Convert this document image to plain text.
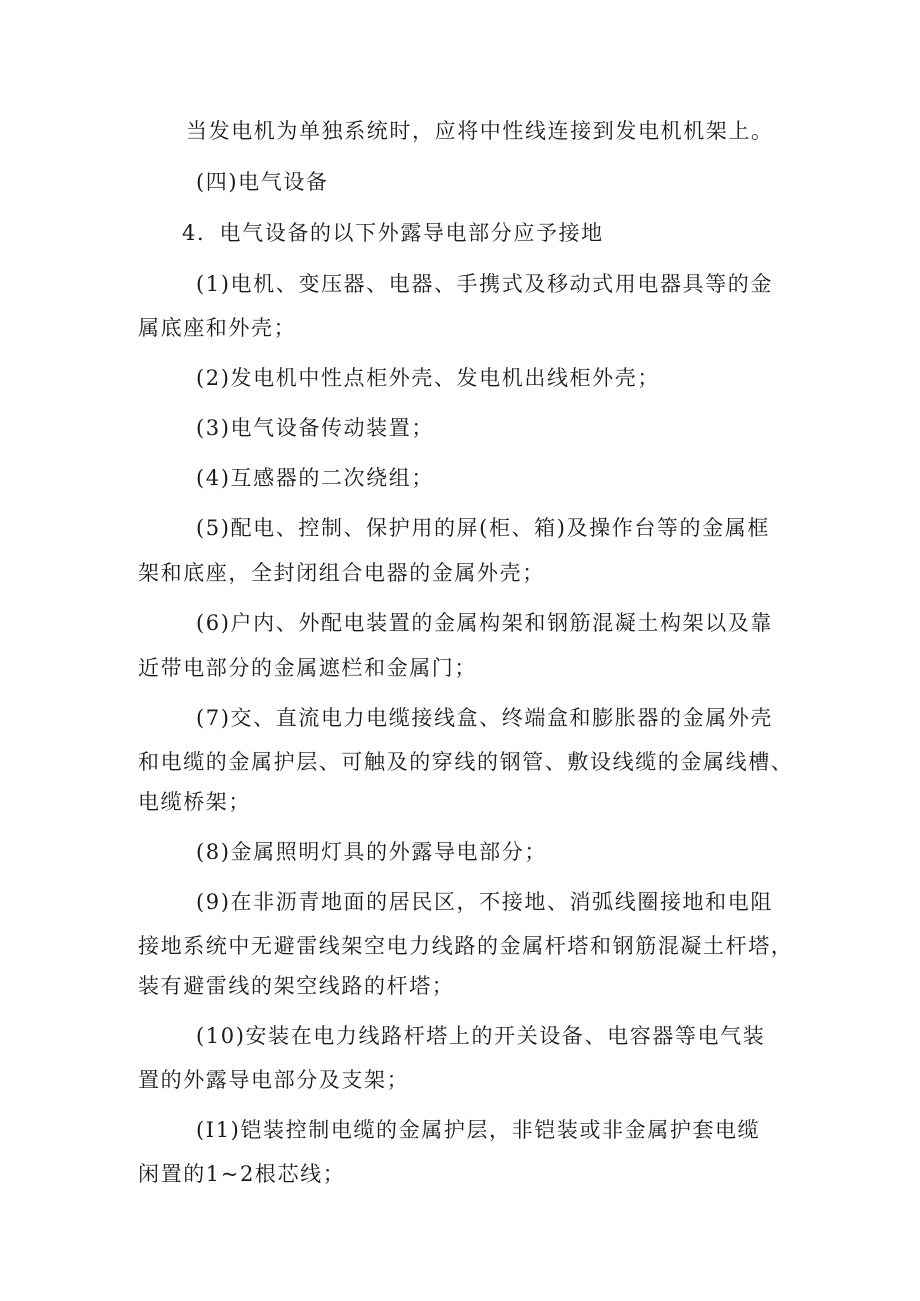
当发电机为单独系统时，应将中性线连接到发电机机架上。
(四)电气设备
4．电气设备的以下外露导电部分应予接地
(1)电机、变压器、电器、手携式及移动式用电器具等的金
属底座和外壳；
(2)发电机中性点柜外壳、发电机出线柜外壳；
(3)电气设备传动装置；
(4)互感器的二次绕组；
(5)配电、控制、保护用的屏(柜、箱)及操作台等的金属框
架和底座，全封闭组合电器的金属外壳；
(6)户内、外配电装置的金属构架和钢筋混凝土构架以及靠
近带电部分的金属遮栏和金属门；
(7)交、直流电力电缆接线盒、终端盒和膨胀器的金属外壳
和电缆的金属护层、可触及的穿线的钢管、敷设线缆的金属线槽、
电缆桥架；
(8)金属照明灯具的外露导电部分；
(9)在非沥青地面的居民区，不接地、消弧线圈接地和电阻
接地系统中无避雷线架空电力线路的金属杆塔和钢筋混凝土杆塔，
装有避雷线的架空线路的杆塔；
(10)安装在电力线路杆塔上的开关设备、电容器等电气装
置的外露导电部分及支架；
(I1)铠装控制电缆的金属护层，非铠装或非金属护套电缆
闲置的1~2根芯线；
